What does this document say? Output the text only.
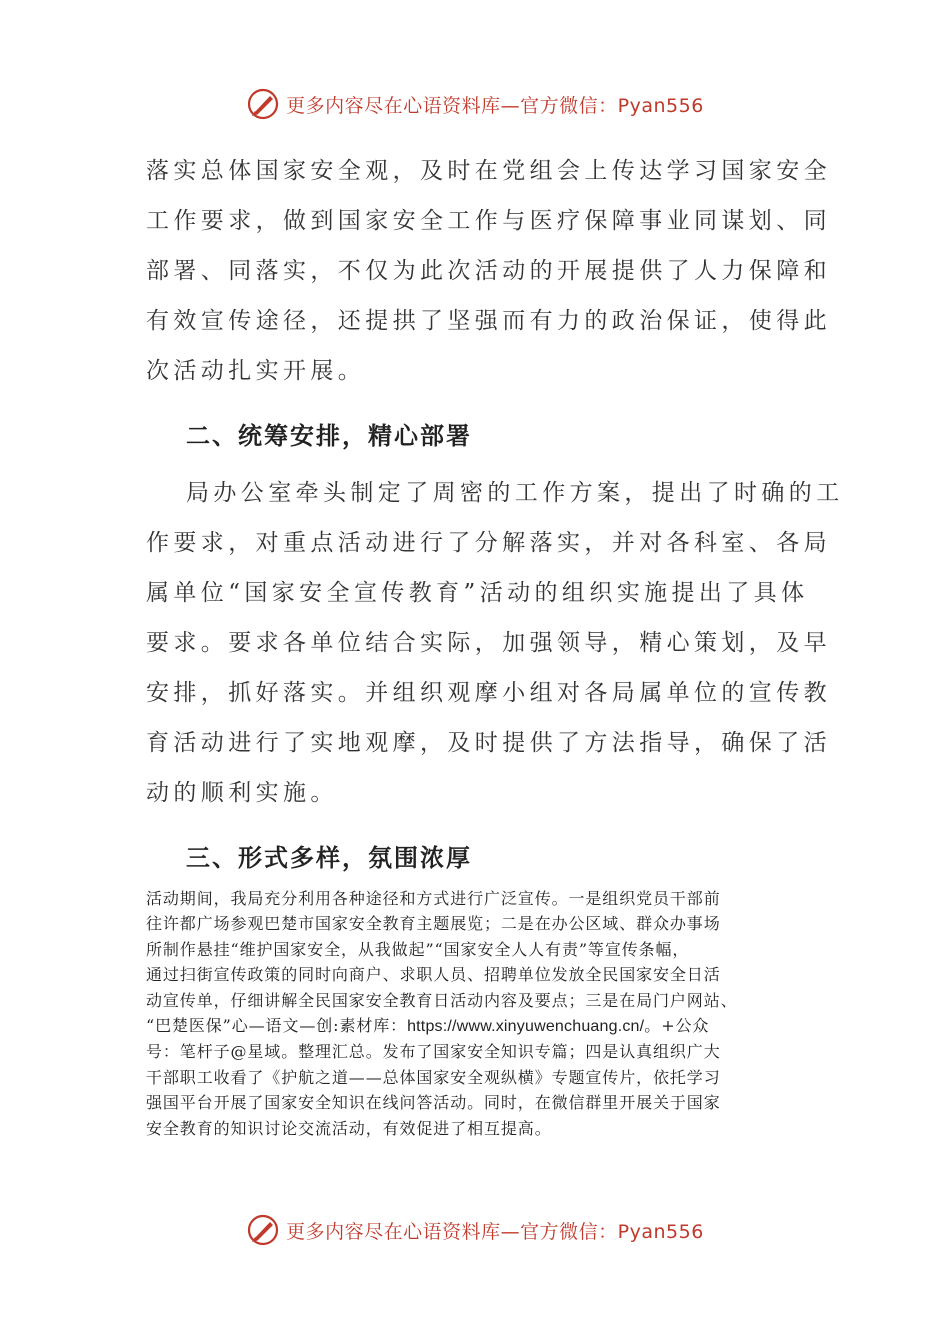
更多内容尽在心语资料库—官方微信：Pyan556

落实总体国家安全观，及时在党组会上传达学习国家安全

工作要求，做到国家安全工作与医疗保障事业同谋划、同

部署、同落实，不仅为此次活动的开展提供了人力保障和

有效宣传途径，还提拱了坚强而有力的政治保证，使得此

次活动扎实开展。

二、统筹安排，精心部署

局办公室牵头制定了周密的工作方案，提出了时确的工

作要求，对重点活动进行了分解落实，并对各科室、各局

属单位“国家安全宣传教育”活动的组织实施提出了具体

要求。要求各单位结合实际，加强领导，精心策划，及早

安排，抓好落实。并组织观摩小组对各局属单位的宣传教

育活动进行了实地观摩，及时提供了方法指导，确保了活

动的顺利实施。

三、形式多样，氛围浓厚

活动期间，我局充分利用各种途径和方式进行广泛宣传。一是组织党员干部前

往许都广场参观巴楚市国家安全教育主题展览；二是在办公区域、群众办事场

所制作悬挂“维护国家安全，从我做起”“国家安全人人有责”等宣传条幅，

通过扫街宣传政策的同时向商户、求职人员、招聘单位发放全民国家安全日活

动宣传单，仔细讲解全民国家安全教育日活动内容及要点；三是在局门户网站、

“巴楚医保”心—语文—创:素材库：https://www.xinyuwenchuang.cn/。+公众

号：笔杆子@星域。整理汇总。发布了国家安全知识专篇；四是认真组织广大

干部职工收看了《护航之道——总体国家安全观纵横》专题宣传片，依托学习

强国平台开展了国家安全知识在线问答活动。同时，在微信群里开展关于国家

安全教育的知识讨论交流活动，有效促进了相互提高。

更多内容尽在心语资料库—官方微信：Pyan556
